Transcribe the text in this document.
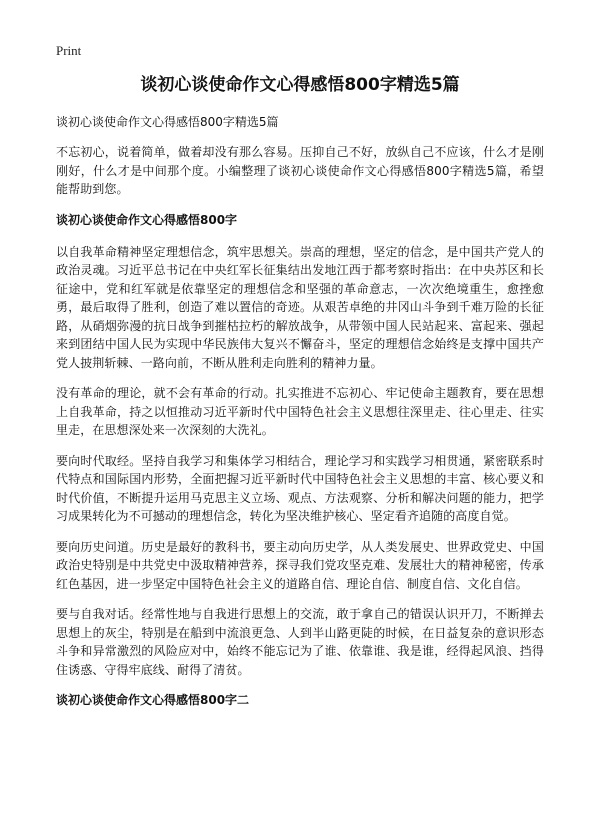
Print
谈初心谈使命作文心得感悟800字精选5篇
谈初心谈使命作文心得感悟800字精选5篇

不忘初心，说着简单，做着却没有那么容易。压抑自己不好，放纵自己不应该，什么才是刚刚好，什么才是中间那个度。小编整理了谈初心谈使命作文心得感悟800字精选5篇，希望能帮助到您。

谈初心谈使命作文心得感悟800字

以自我革命精神坚定理想信念，筑牢思想关。崇高的理想，坚定的信念，是中国共产党人的政治灵魂。习近平总书记在中央红军长征集结出发地江西于都考察时指出：在中央苏区和长征途中，党和红军就是依靠坚定的理想信念和坚强的革命意志，一次次绝境重生，愈挫愈勇，最后取得了胜利，创造了难以置信的奇迹。从艰苦卓绝的井冈山斗争到千难万险的长征路，从硝烟弥漫的抗日战争到摧枯拉朽的解放战争，从带领中国人民站起来、富起来、强起来到团结中国人民为实现中华民族伟大复兴不懈奋斗，坚定的理想信念始终是支撑中国共产党人披荆斩棘、一路向前，不断从胜利走向胜利的精神力量。

没有革命的理论，就不会有革命的行动。扎实推进不忘初心、牢记使命主题教育，要在思想上自我革命，持之以恒推动习近平新时代中国特色社会主义思想往深里走、往心里走、往实里走，在思想深处来一次深刻的大洗礼。

要向时代取经。坚持自我学习和集体学习相结合，理论学习和实践学习相贯通，紧密联系时代特点和国际国内形势，全面把握习近平新时代中国特色社会主义思想的丰富、核心要义和时代价值，不断提升运用马克思主义立场、观点、方法观察、分析和解决问题的能力，把学习成果转化为不可撼动的理想信念，转化为坚决维护核心、坚定看齐追随的高度自觉。

要向历史问道。历史是最好的教科书，要主动向历史学，从人类发展史、世界政党史、中国政治史特别是中共党史中汲取精神营养，探寻我们党攻坚克难、发展壮大的精神秘密，传承红色基因，进一步坚定中国特色社会主义的道路自信、理论自信、制度自信、文化自信。

要与自我对话。经常性地与自我进行思想上的交流，敢于拿自己的错误认识开刀，不断掸去思想上的灰尘，特别是在船到中流浪更急、人到半山路更陡的时候，在日益复杂的意识形态斗争和异常激烈的风险应对中，始终不能忘记为了谁、依靠谁、我是谁，经得起风浪、挡得住诱惑、守得牢底线、耐得了清贫。

谈初心谈使命作文心得感悟800字二
